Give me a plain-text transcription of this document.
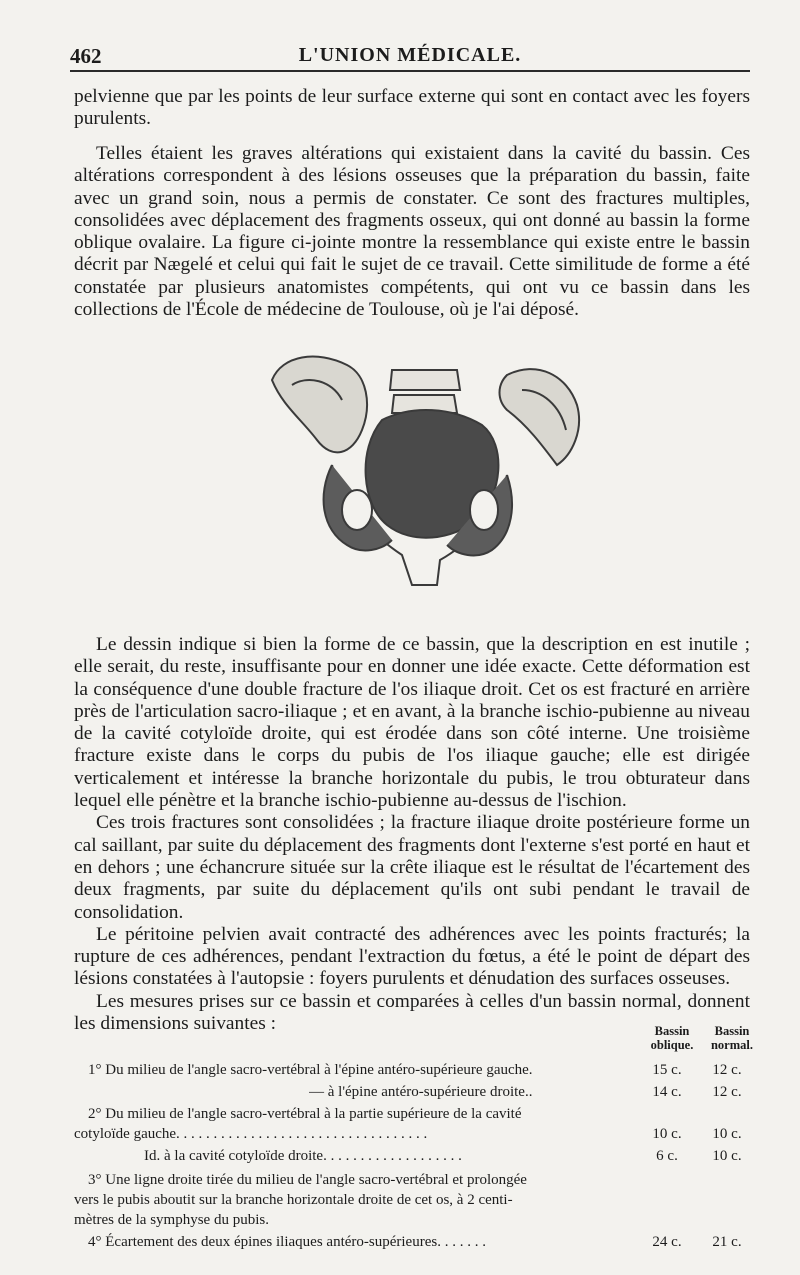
462	L'UNION MÉDICALE.

pelvienne que par les points de leur surface externe qui sont en contact avec les foyers purulents.

Telles étaient les graves altérations qui existaient dans la cavité du bassin. Ces altérations correspondent à des lésions osseuses que la préparation du bassin, faite avec un grand soin, nous a permis de constater. Ce sont des fractures multiples, consolidées avec déplacement des fragments osseux, qui ont donné au bassin la forme oblique ovalaire. La figure ci-jointe montre la ressemblance qui existe entre le bassin décrit par Nægelé et celui qui fait le sujet de ce travail. Cette similitude de forme a été constatée par plusieurs anatomistes compétents, qui ont vu ce bassin dans les collections de l'École de médecine de Toulouse, où je l'ai déposé.

Le dessin indique si bien la forme de ce bassin, que la description en est inutile ; elle serait, du reste, insuffisante pour en donner une idée exacte. Cette déformation est la conséquence d'une double fracture de l'os iliaque droit. Cet os est fracturé en arrière près de l'articulation sacro-iliaque ; et en avant, à la branche ischio-pubienne au niveau de la cavité cotyloïde droite, qui est érodée dans son côté interne. Une troisième fracture existe dans le corps du pubis de l'os iliaque gauche; elle est dirigée verticalement et intéresse la branche horizontale du pubis, le trou obturateur dans lequel elle pénètre et la branche ischio-pubienne au-dessus de l'ischion.

Ces trois fractures sont consolidées ; la fracture iliaque droite postérieure forme un cal saillant, par suite du déplacement des fragments dont l'externe s'est porté en haut et en dehors ; une échancrure située sur la crête iliaque est le résultat de l'écartement des deux fragments, par suite du déplacement qu'ils ont subi pendant le travail de consolidation.

Le péritoine pelvien avait contracté des adhérences avec les points fracturés; la rupture de ces adhérences, pendant l'extraction du fœtus, a été le point de départ des lésions constatées à l'autopsie : foyers purulents et dénudation des surfaces osseuses.

Les mesures prises sur ce bassin et comparées à celles d'un bassin normal, donnent les dimensions suivantes :	Bassin
oblique.
Bassin
normal.
1° Du milieu de l'angle sacro-vertébral à l'épine antéro-supérieure gauche.	15 c.	12 c.
— à l'épine antéro-supérieure droite..	14 c.	12 c.
2° Du milieu de l'angle sacro-vertébral à la partie supérieure de la cavité
cotyloïde gauche. . . . . . . . . . . . . . . . . . . . . . . . . . . . . . . . . .	10 c.	10 c.
Id. à la cavité cotyloïde droite. . . . . . . . . . . . . . . . . . .	6 c.	10 c.
3° Une ligne droite tirée du milieu de l'angle sacro-vertébral et prolongée
vers le pubis aboutit sur la branche horizontale droite de cet os, à 2 centi-
mètres de la symphyse du pubis.
4° Écartement des deux épines iliaques antéro-supérieures. . . . . . .	24 c.	21 c.
